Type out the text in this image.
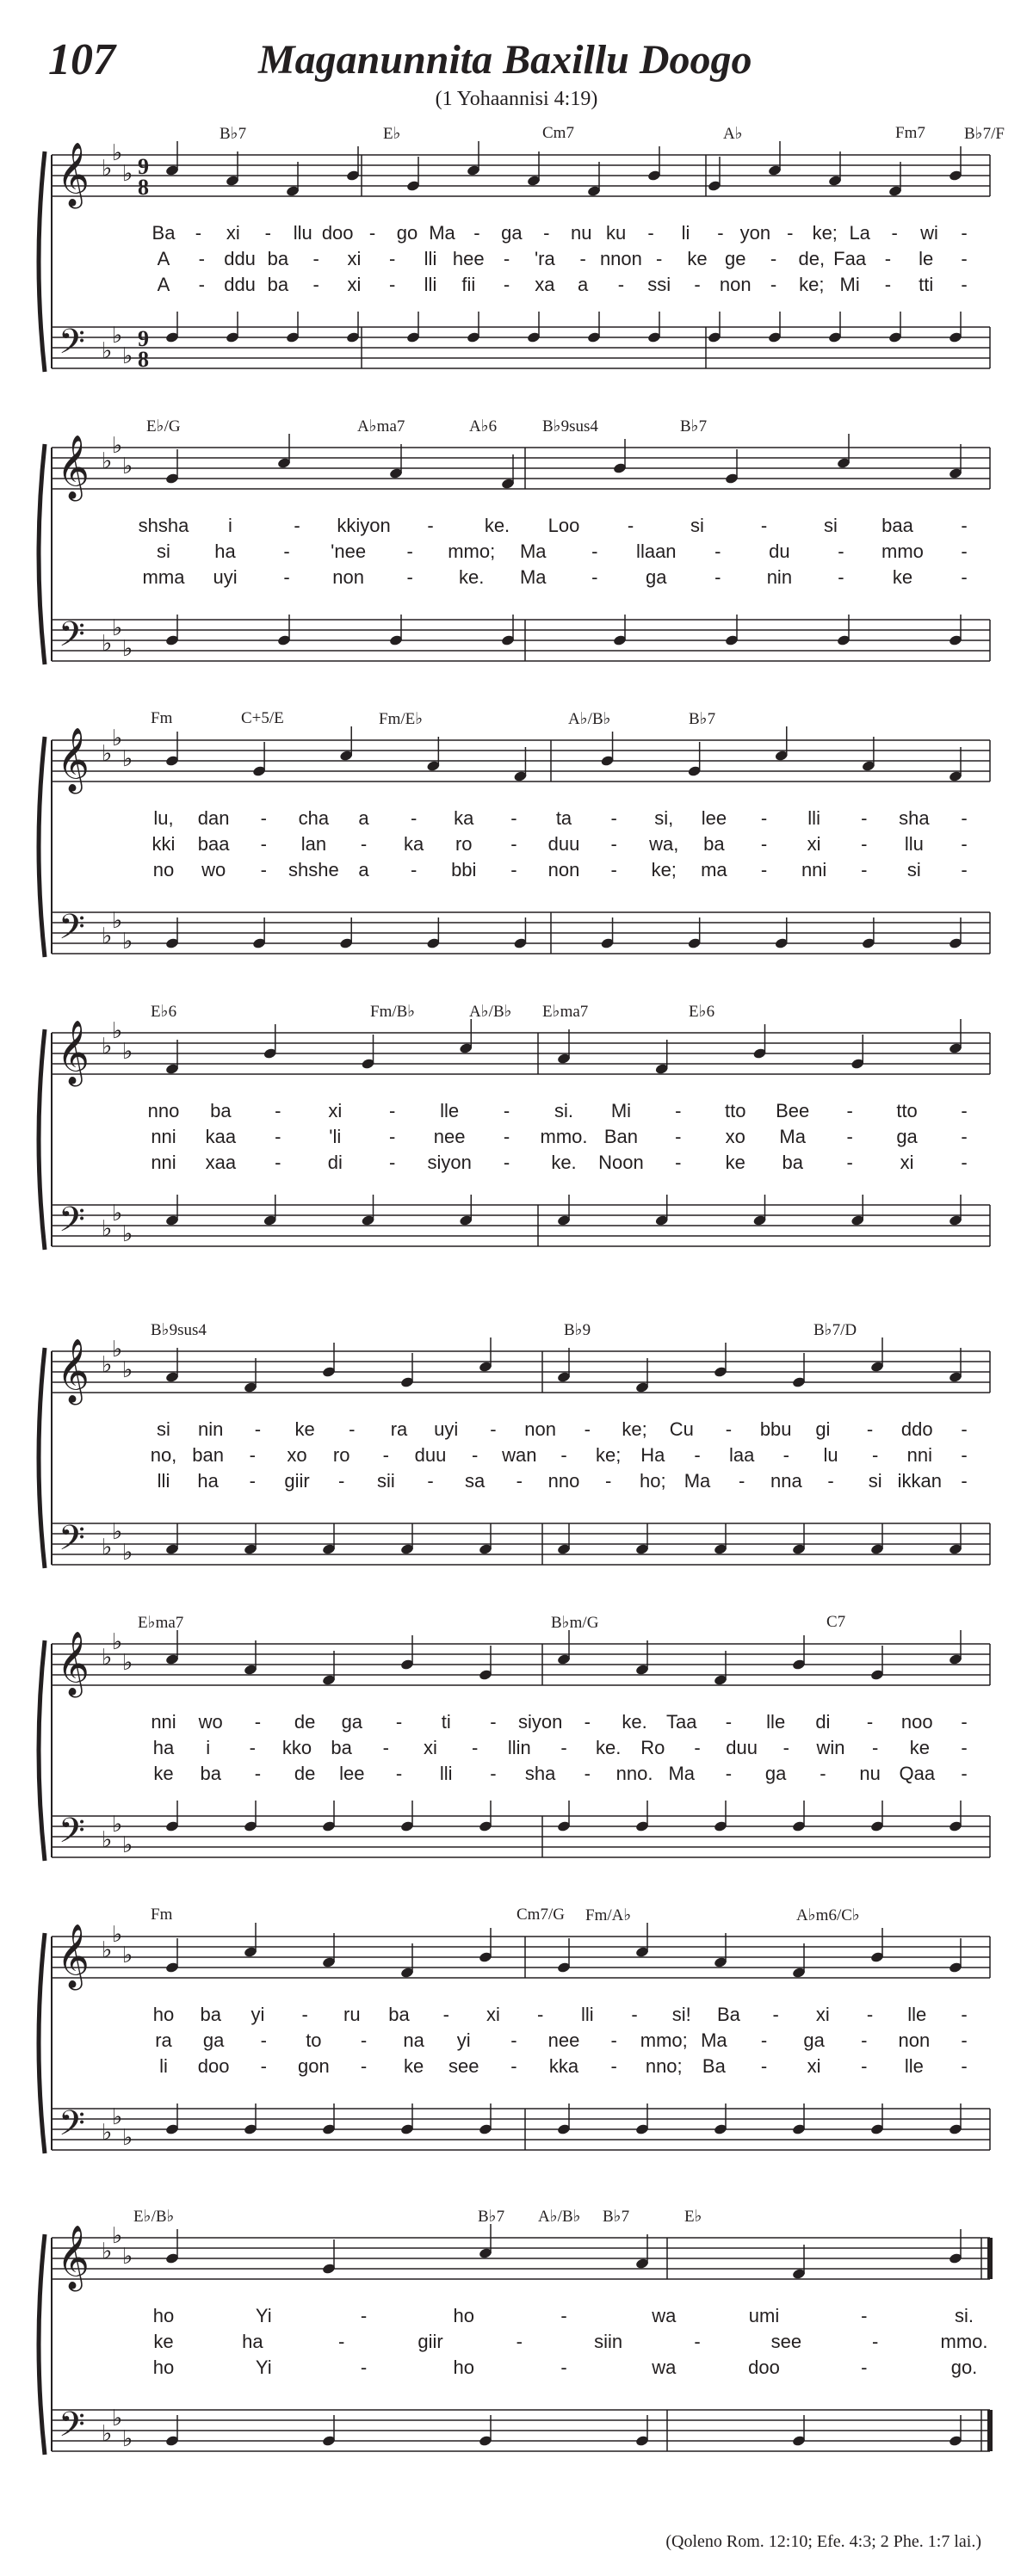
107	Maganunnita Baxillu Doogo
(1 Yohaannisi 4:19)
𝄞
𝄢
♭
♭
♭
♭
♭
♭
9
8
9
8
B♭7	E♭	Cm7	A♭	Fm7 B♭7/F
Ba - xi - llu doo - go Ma - ga - nu ku - li - yon - ke; La - wi -
A - ddu ba - xi - lli hee - 'ra - nnon - ke ge - de, Faa - le -
A - ddu ba - xi - lli fii - xa a - ssi - non - ke; Mi - tti -
𝄞
𝄢
♭
♭
♭
♭
♭
♭
E♭/G	A♭ma7	A♭6	B♭9sus4	B♭7
shsha i	- kkiyon -	ke. Loo	-	si	-	si baa	-
si ha	- 'nee - mmo; Ma - llaan -	du	- mmo -
mma uyi - non - ke. Ma -	ga	- nin -	ke	-
𝄞
𝄢
♭
♭
♭
♭
♭
♭
Fm	C+5/E	Fm/E♭	A♭/B♭	B♭7
lu, dan - cha a - ka - ta - si, lee - lli - sha -
kki baa - lan - ka ro - duu - wa, ba - xi - llu -
no wo - shshe a - bbi - non - ke; ma - nni - si -
𝄞
𝄢
♭
♭
♭
♭
♭
♭
E♭6	Fm/B♭	A♭/B♭ E♭ma7	E♭6
nno ba - xi - lle - si. Mi - tto Bee - tto -
nni kaa -	'li	- nee - mmo. Ban - xo Ma - ga -
nni xaa - di - siyon - ke. Noon - ke ba - xi -
𝄞
𝄢
♭
♭
♭
♭
♭
♭
B♭9sus4	B♭9	B♭7/D
si nin - ke - ra uyi - non - ke; Cu - bbu gi - ddo -
no, ban - xo ro - duu - wan - ke; Ha - laa - lu - nni -
lli ha - giir - sii - sa - nno - ho; Ma - nna - si ikkan -
𝄞
𝄢
♭
♭
♭
♭
♭
♭
E♭ma7	B♭m/G	C7
nni wo - de ga - ti - siyon - ke. Taa - lle di - noo -
ha i - kko ba - xi - llin - ke. Ro - duu - win - ke -
ke ba - de lee - lli - sha - nno. Ma - ga - nu Qaa -
𝄞
𝄢
♭
♭
♭
♭
♭
♭
Fm	Cm7/G Fm/A♭	A♭m6/C♭
ho ba yi - ru ba - xi - lli - si! Ba - xi - lle -
ra ga - to - na yi - nee - mmo; Ma - ga - non -
li doo - gon - ke see - kka - nno; Ba - xi - lle -
𝄞
𝄢
♭
♭
♭
♭
♭
♭
E♭/B♭	B♭7 A♭/B♭ B♭7	E♭
ho	Yi	-	ho	-	wa	umi	-	si.
ke	ha	-	giir	-	siin	-	see	-	mmo.
ho	Yi	-	ho	-	wa	doo	-	go.
(Qoleno Rom. 12:10; Efe. 4:3; 2 Phe. 1:7 lai.)
